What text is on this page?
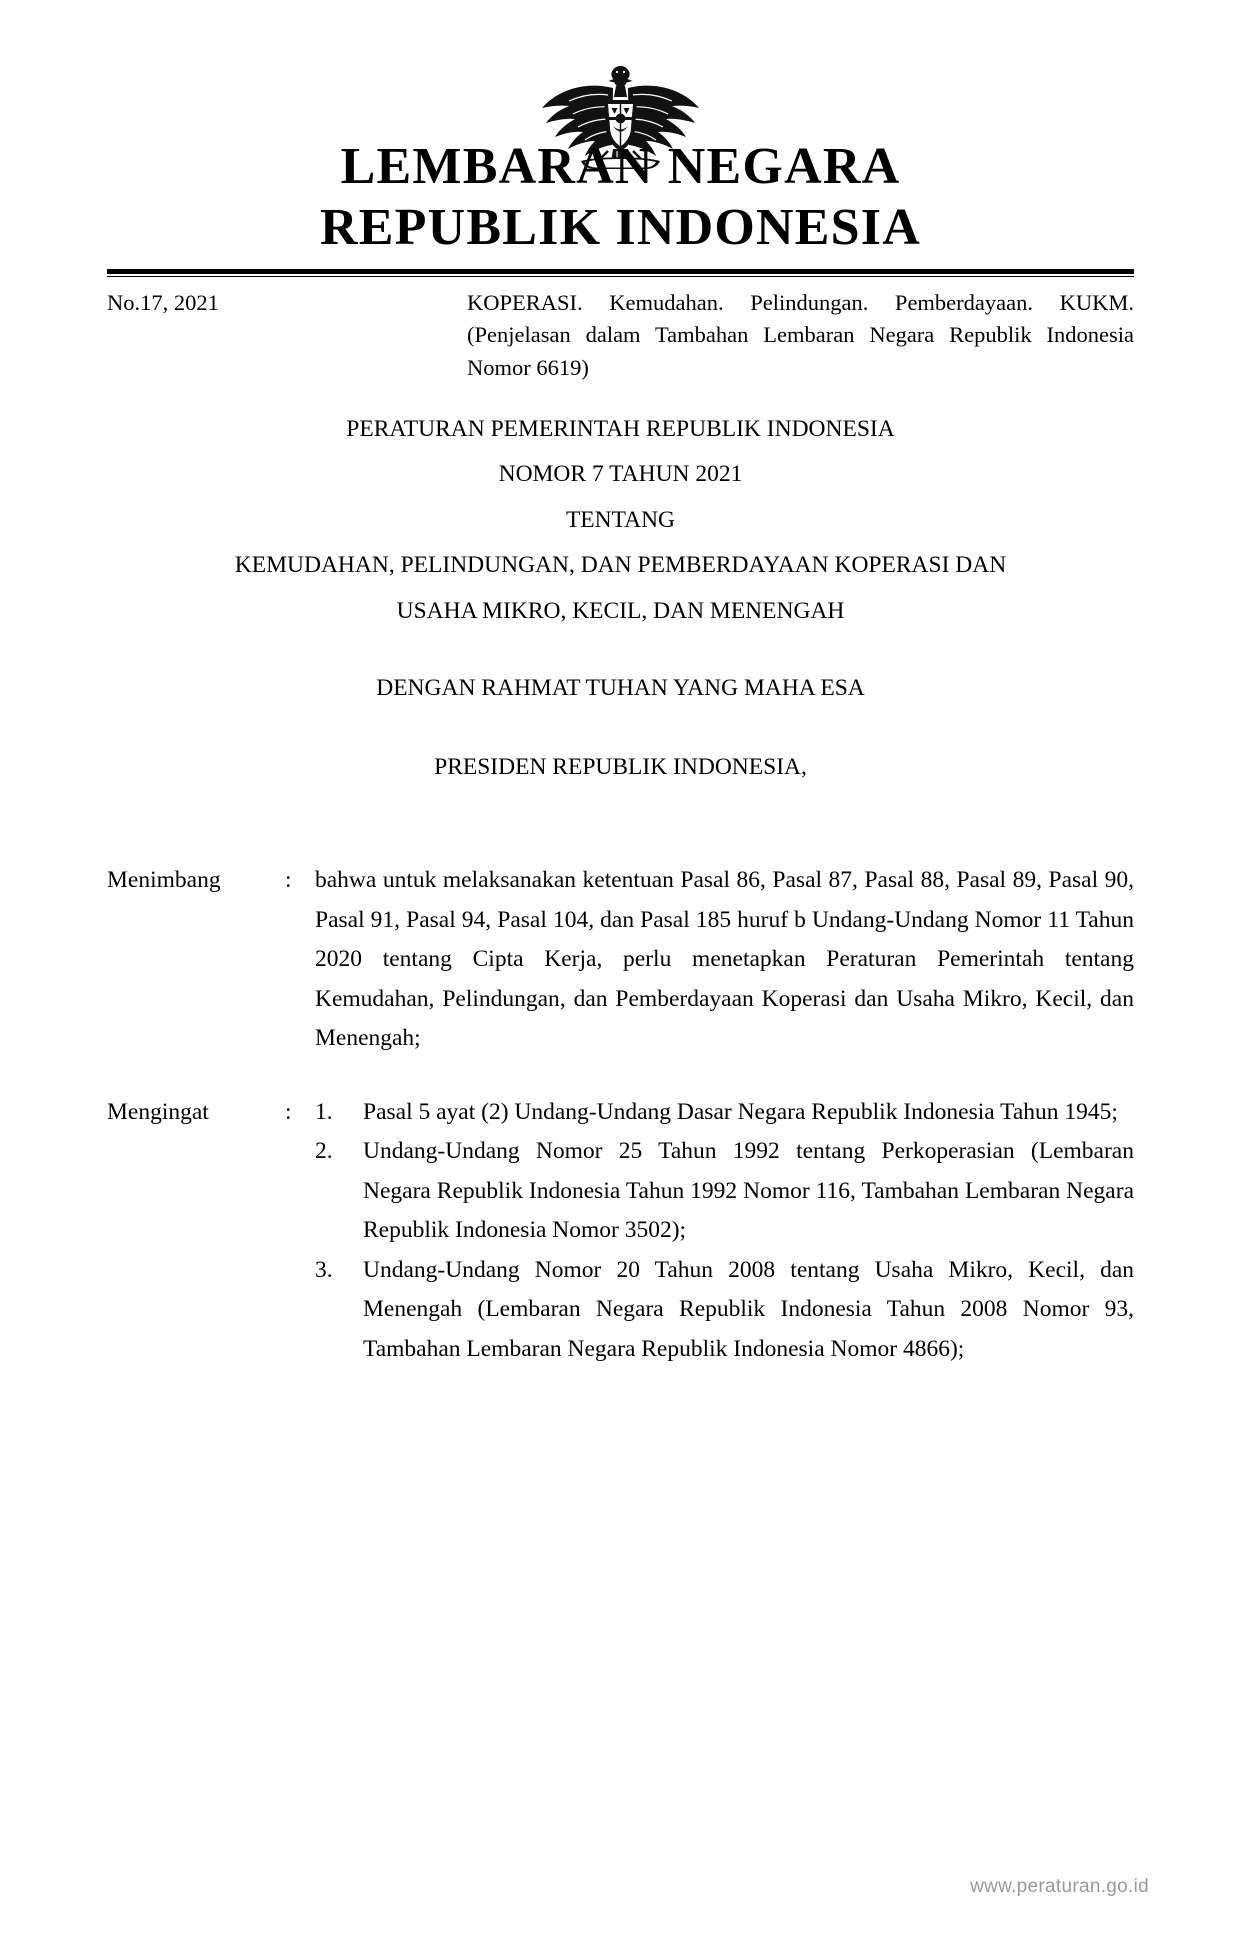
LEMBARAN NEGARA
REPUBLIK INDONESIA
No.17, 2021	KOPERASI. Kemudahan. Pelindungan. Pemberdayaan. KUKM. (Penjelasan dalam Tambahan Lembaran Negara Republik Indonesia Nomor 6619)
PERATURAN PEMERINTAH REPUBLIK INDONESIA
NOMOR 7 TAHUN 2021
TENTANG
KEMUDAHAN, PELINDUNGAN, DAN PEMBERDAYAAN KOPERASI DAN
USAHA MIKRO, KECIL, DAN MENENGAH
DENGAN RAHMAT TUHAN YANG MAHA ESA
PRESIDEN REPUBLIK INDONESIA,
Menimbang	: bahwa untuk melaksanakan ketentuan Pasal 86, Pasal 87, Pasal 88, Pasal 89, Pasal 90, Pasal 91, Pasal 94, Pasal 104, dan Pasal 185 huruf b Undang-Undang Nomor 11 Tahun 2020 tentang Cipta Kerja, perlu menetapkan Peraturan Pemerintah tentang Kemudahan, Pelindungan, dan Pemberdayaan Koperasi dan Usaha Mikro, Kecil, dan Menengah;

Mengingat	: 1.	Pasal 5 ayat (2) Undang-Undang Dasar Negara Republik Indonesia Tahun 1945;
2.	Undang-Undang Nomor 25 Tahun 1992 tentang Perkoperasian (Lembaran Negara Republik Indonesia Tahun 1992 Nomor 116, Tambahan Lembaran Negara Republik Indonesia Nomor 3502);
3.	Undang-Undang Nomor 20 Tahun 2008 tentang Usaha Mikro, Kecil, dan Menengah (Lembaran Negara Republik Indonesia Tahun 2008 Nomor 93, Tambahan Lembaran Negara Republik Indonesia Nomor 4866);
www.peraturan.go.id
